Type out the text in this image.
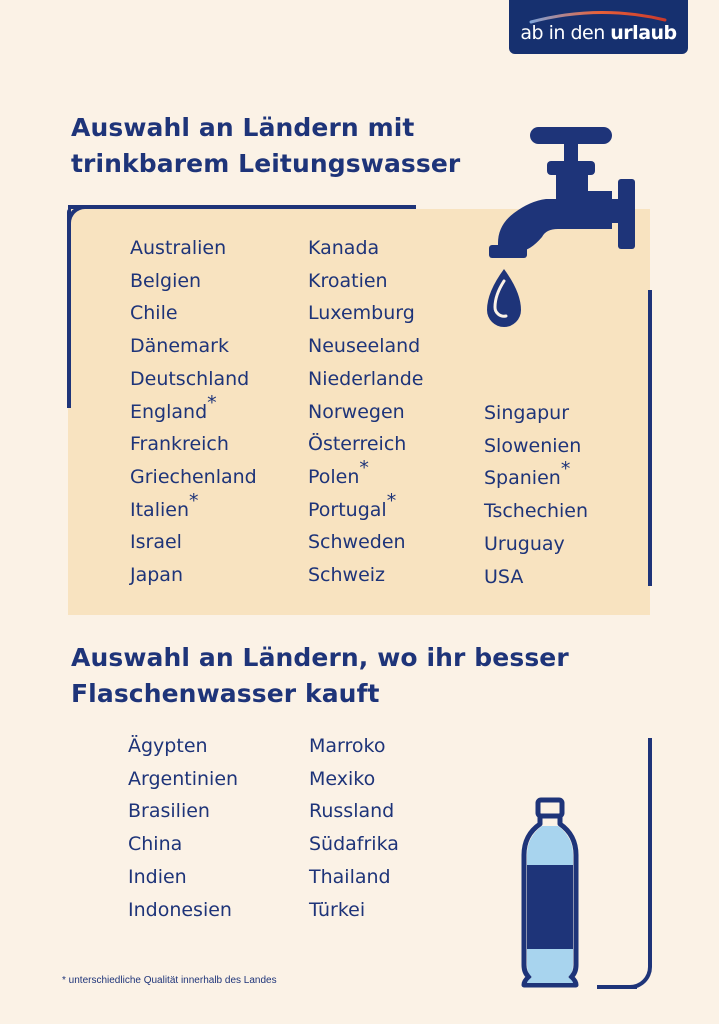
ab in den urlaub
Auswahl an Ländern mit trinkbarem Leitungswasser
Australien
Belgien
Chile
Dänemark
Deutschland
England*
Frankreich
Griechenland
Italien*
Israel
Japan
Kanada
Kroatien
Luxemburg
Neuseeland
Niederlande
Norwegen
Österreich
Polen*
Portugal*
Schweden
Schweiz
Singapur
Slowenien
Spanien*
Tschechien
Uruguay
USA
Auswahl an Ländern, wo ihr besser Flaschenwasser kauft
Ägypten
Argentinien
Brasilien
China
Indien
Indonesien
Marroko
Mexiko
Russland
Südafrika
Thailand
Türkei
* unterschiedliche Qualität innerhalb des Landes
